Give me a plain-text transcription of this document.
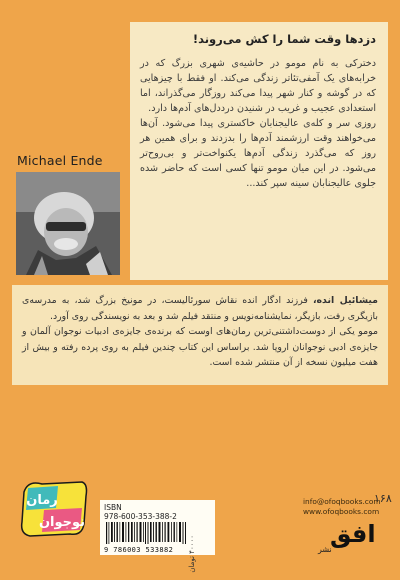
دزدها وقت شما را کش می‌روند!

دخترکی به نام مومو در حاشیه‌ی شهری بزرگ که در خرابه‌های یک آمفی‌تئاتر زندگی می‌کند. او فقط با چیزهایی که در گوشه و کنار شهر پیدا می‌کند روزگار می‌گذراند، اما استعدادی عجیب و غریب در شنیدن درددل‌های آدم‌ها دارد.

روزی سر و کله‌ی عالیجنابان خاکستری پیدا می‌شود. آن‌ها می‌خواهند وقت ارزشمند آدم‌ها را بدزدند و برای همین هر روز که می‌گذرد زندگی آدم‌ها یکنواخت‌تر و بی‌روح‌تر می‌شود. در این میان مومو تنها کسی است که حاضر شده جلوی عالیجنابان سینه سپر کند...

Michael Ende

میشائیل انده، فرزند ادگار انده نقاش سورئالیست، در مونیخ بزرگ شد، به مدرسه‌ی بازیگری رفت، بازیگر، نمایشنامه‌نویس و منتقد فیلم شد و بعد به نویسندگی روی آورد.

مومو یکی از دوست‌داشتنی‌ترین رمان‌های اوست که برنده‌ی جایزه‌ی ادبیات نوجوان آلمان و جایزه‌ی ادبی نوجوانان اروپا شد. براساس این کتاب چندین فیلم به روی پرده رفته و بیش از هفت میلیون نسخه از آن منتشر شده است.

۱۶۸
رمان
نوجوان
ISBN
978-600-353-388-2
9 786003 533882
۴۰۰۰۰ تومان
info@ofoqbooks.com
www.ofoqbooks.com
افق
نشر
